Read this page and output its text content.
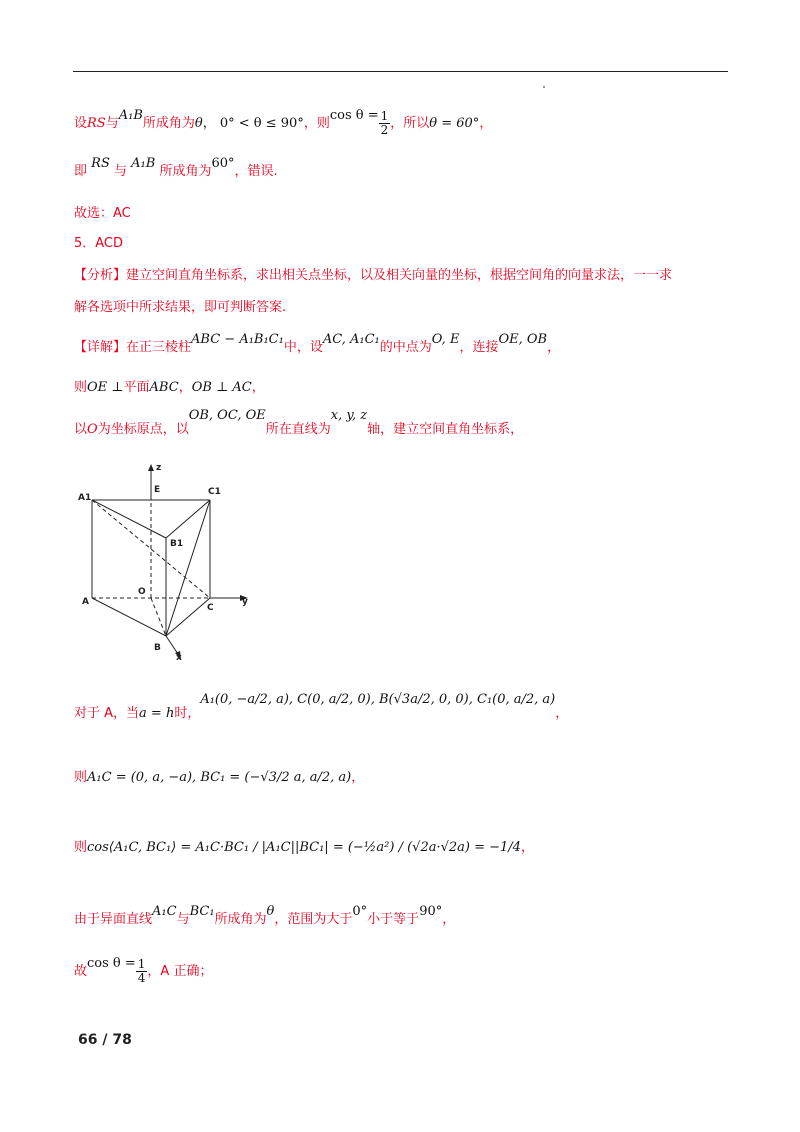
设RS与A₁B所成角为θ， 0° < θ ≤ 90°，则$\cos \theta = \frac{1}{2}$ ，所以θ = 60°，
即 RS 与 A₁B 所成角为60°，错误.
故选：AC
5．ACD
【分析】建立空间直角坐标系，求出相关点坐标，以及相关向量的坐标，根据空间角的向量求法，一一求
解各选项中所求结果，即可判断答案.
【详解】在正三棱柱ABC − A₁B₁C₁中，设AC, A₁C₁的中点为O, E，连接OE, OB，
则OE ⊥平面ABC，OB ⊥ AC，
以O为坐标原点，以OB, OC, OE所在直线为x, y, z轴，建立空间直角坐标系，
z
E	C1
A1
B1
O
A
C
y
B
x
对于 A，当a = h时，A₁(0, −a/2, a), C(0, a/2, 0), B(√3a/2, 0, 0), C₁(0, a/2, a)，
则A₁C = (0, a, −a), BC₁ = (−√3/2 a, a/2, a)，
则cos⟨A₁C, BC₁⟩ = A₁C·BC₁ / |A₁C||BC₁| = (−½a²) / (√2a·√2a) = −1/4，
由于异面直线A₁C与BC₁所成角为θ，范围为大于0°小于等于90°，
故$\cos \theta = \frac{1}{4}$ ，A 正确；
66 / 78
